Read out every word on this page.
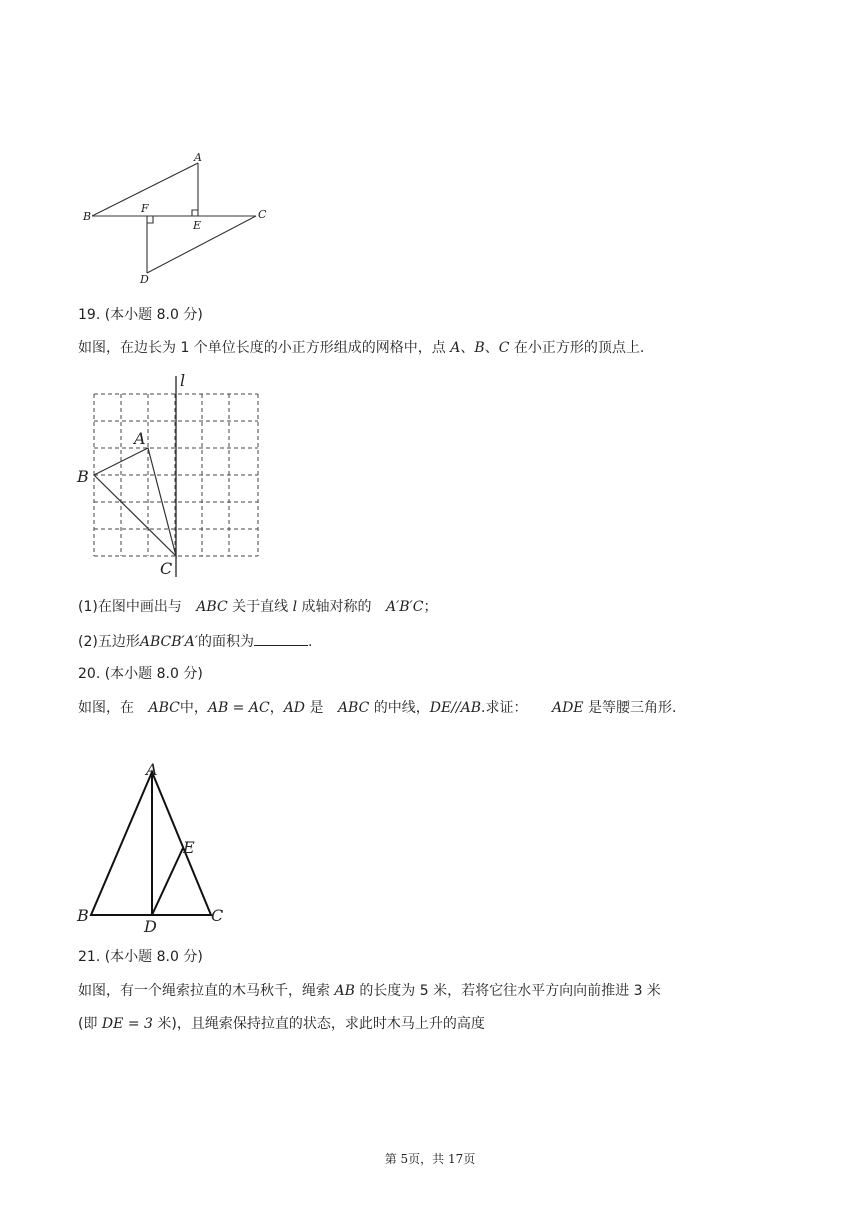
A
B	C
D
E
F
19. (本小题 8.0 分)
如图，在边长为 1 个单位长度的小正方形组成的网格中，点 A、B、C 在小正方形的顶点上.
l
A
B
C
(1)在图中画出与 ABC 关于直线 l 成轴对称的 A′B′C；
(2)五边形ABCB′A′的面积为	.
20. (本小题 8.0 分)
如图，在 ABC中，AB = AC，AD 是 ABC 的中线，DE//AB.求证： ADE 是等腰三角形.
A
B	C
D
E
21. (本小题 8.0 分)
如图，有一个绳索拉直的木马秋千，绳索 AB 的长度为 5 米，若将它往水平方向向前推进 3 米
(即 DE = 3 米)，且绳索保持拉直的状态，求此时木马上升的高度
第 5页，共 17页
